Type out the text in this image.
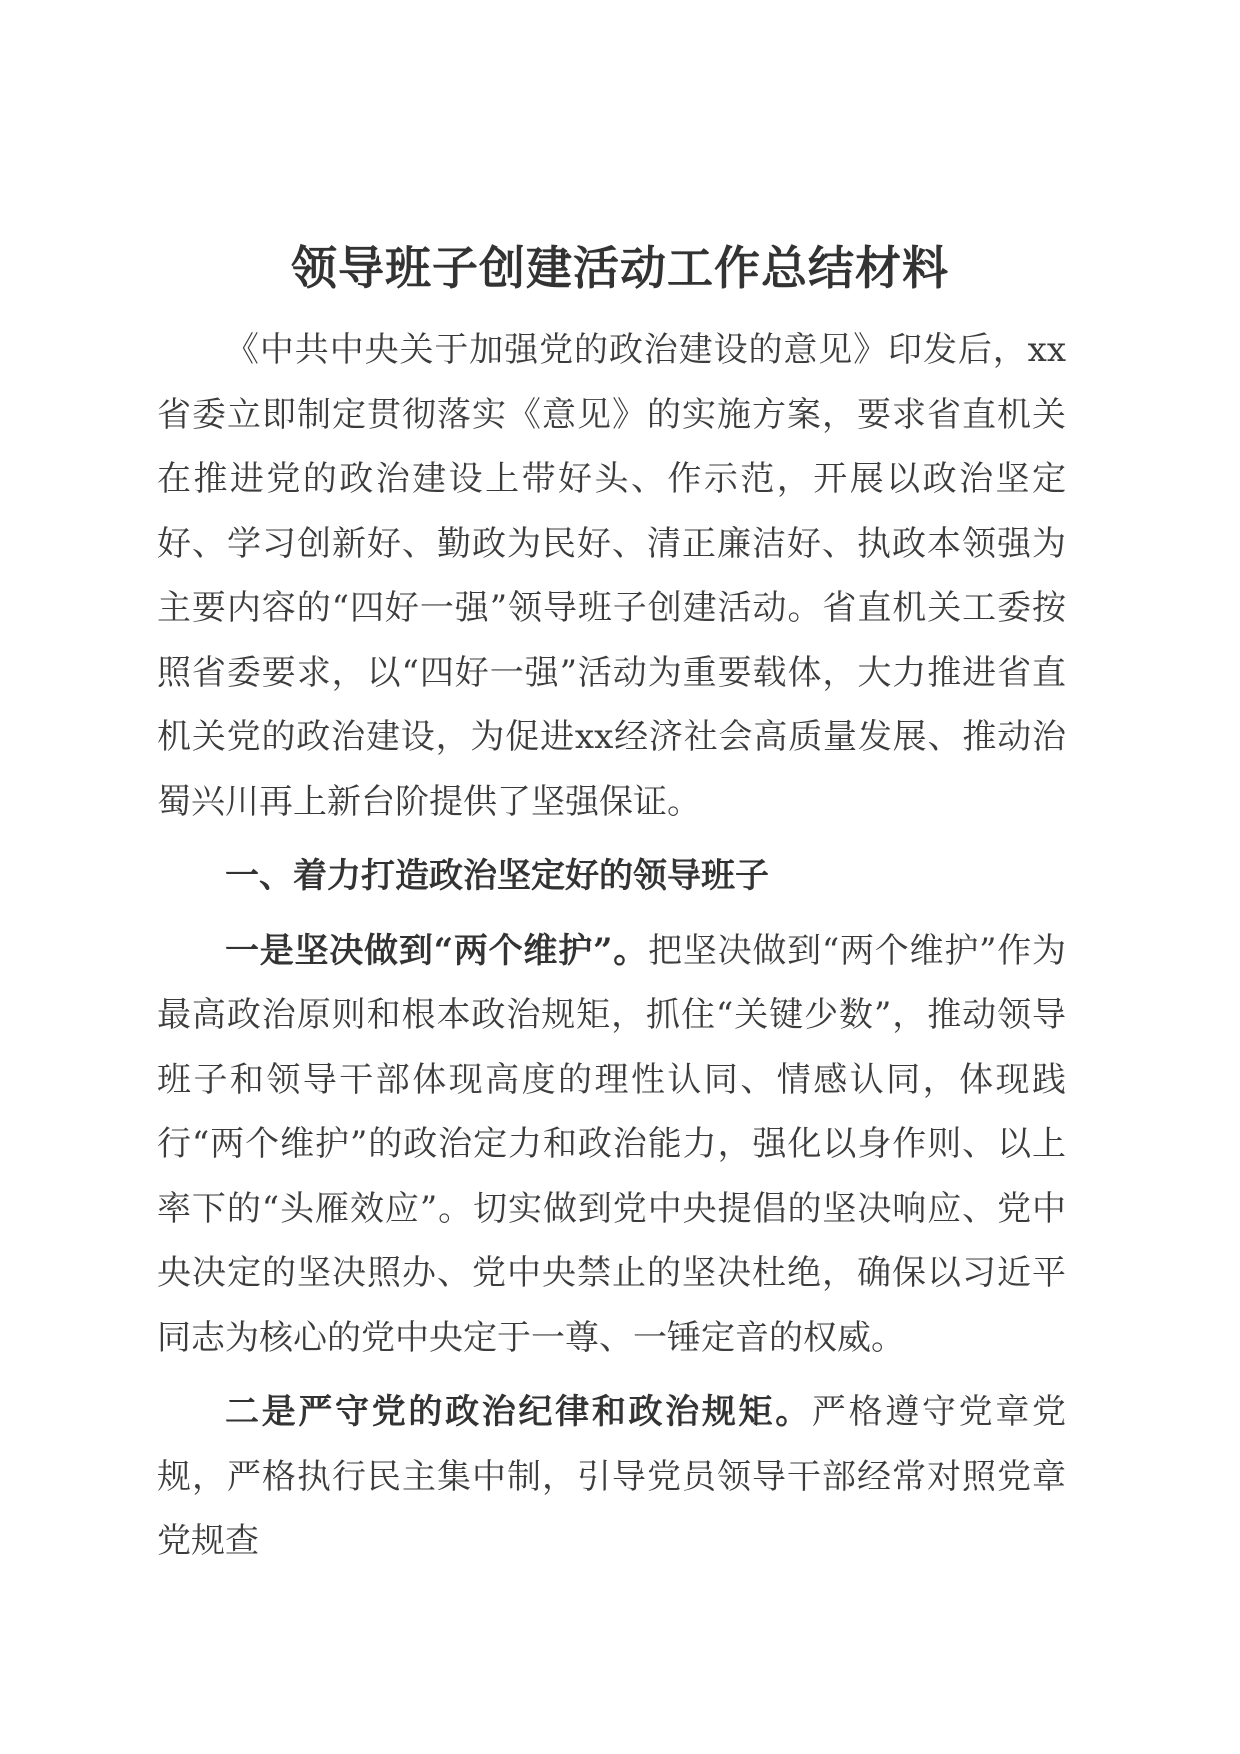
领导班子创建活动工作总结材料

《中共中央关于加强党的政治建设的意见》印发后，xx省委立即制定贯彻落实《意见》的实施方案，要求省直机关在推进党的政治建设上带好头、作示范，开展以政治坚定好、学习创新好、勤政为民好、清正廉洁好、执政本领强为主要内容的“四好一强”领导班子创建活动。省直机关工委按照省委要求，以“四好一强”活动为重要载体，大力推进省直机关党的政治建设，为促进xx经济社会高质量发展、推动治蜀兴川再上新台阶提供了坚强保证。

一、着力打造政治坚定好的领导班子

一是坚决做到“两个维护”。把坚决做到“两个维护”作为最高政治原则和根本政治规矩，抓住“关键少数”，推动领导班子和领导干部体现高度的理性认同、情感认同，体现践行“两个维护”的政治定力和政治能力，强化以身作则、以上率下的“头雁效应”。切实做到党中央提倡的坚决响应、党中央决定的坚决照办、党中央禁止的坚决杜绝，确保以习近平同志为核心的党中央定于一尊、一锤定音的权威。

二是严守党的政治纪律和政治规矩。严格遵守党章党规，严格执行民主集中制，引导党员领导干部经常对照党章党规查
